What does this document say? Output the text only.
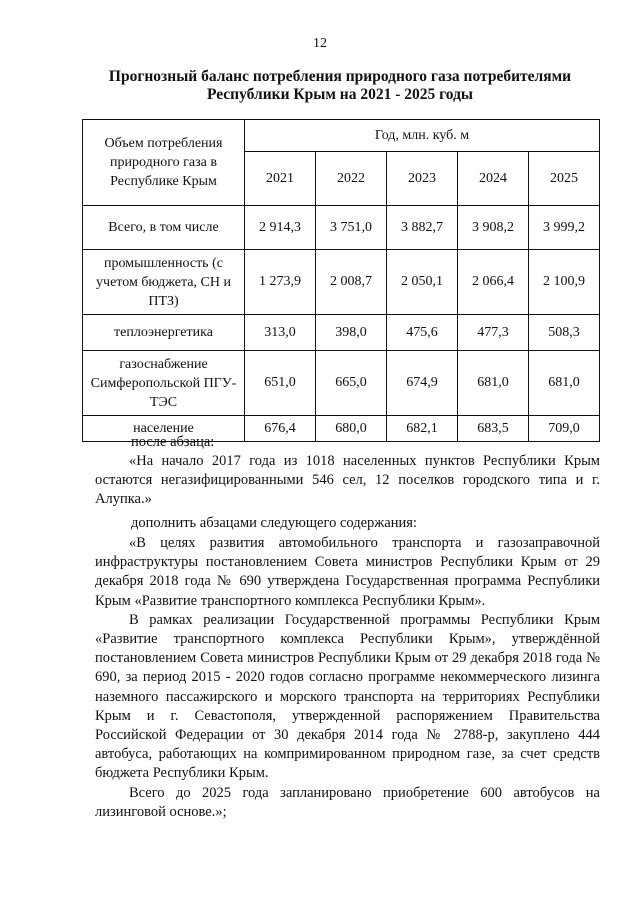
12
Прогнозный баланс потребления природного газа потребителями
Республики Крым на 2021 - 2025 годы
Объем потребления природного газа в Республике Крым	Год, млн. куб. м				
	2021	2022	2023	2024	2025
Всего, в том числе	2 914,3	3 751,0	3 882,7	3 908,2	3 999,2
промышленность (с учетом бюджета, СН и ПТЗ)	1 273,9	2 008,7	2 050,1	2 066,4	2 100,9
теплоэнергетика	313,0	398,0	475,6	477,3	508,3
газоснабжение Симферопольской ПГУ-ТЭС	651,0	665,0	674,9	681,0	681,0
население	676,4	680,0	682,1	683,5	709,0

после абзаца:

«На начало 2017 года из 1018 населенных пунктов Республики Крым остаются негазифицированными 546 сел, 12 поселков городского типа и г. Алупка.»

дополнить абзацами следующего содержания:

«В целях развития автомобильного транспорта и газозаправочной инфраструктуры постановлением Совета министров Республики Крым от 29 декабря 2018 года № 690 утверждена Государственная программа Республики Крым «Развитие транспортного комплекса Республики Крым».

В рамках реализации Государственной программы Республики Крым «Развитие транспортного комплекса Республики Крым», утверждённой постановлением Совета министров Республики Крым от 29 декабря 2018 года № 690, за период 2015 - 2020 годов согласно программе некоммерческого лизинга наземного пассажирского и морского транспорта на территориях Республики Крым и г. Севастополя, утвержденной распоряжением Правительства Российской Федерации от 30 декабря 2014 года № 2788-р, закуплено 444 автобуса, работающих на компримированном природном газе, за счет средств бюджета Республики Крым.

Всего до 2025 года запланировано приобретение 600 автобусов на лизинговой основе.»;
